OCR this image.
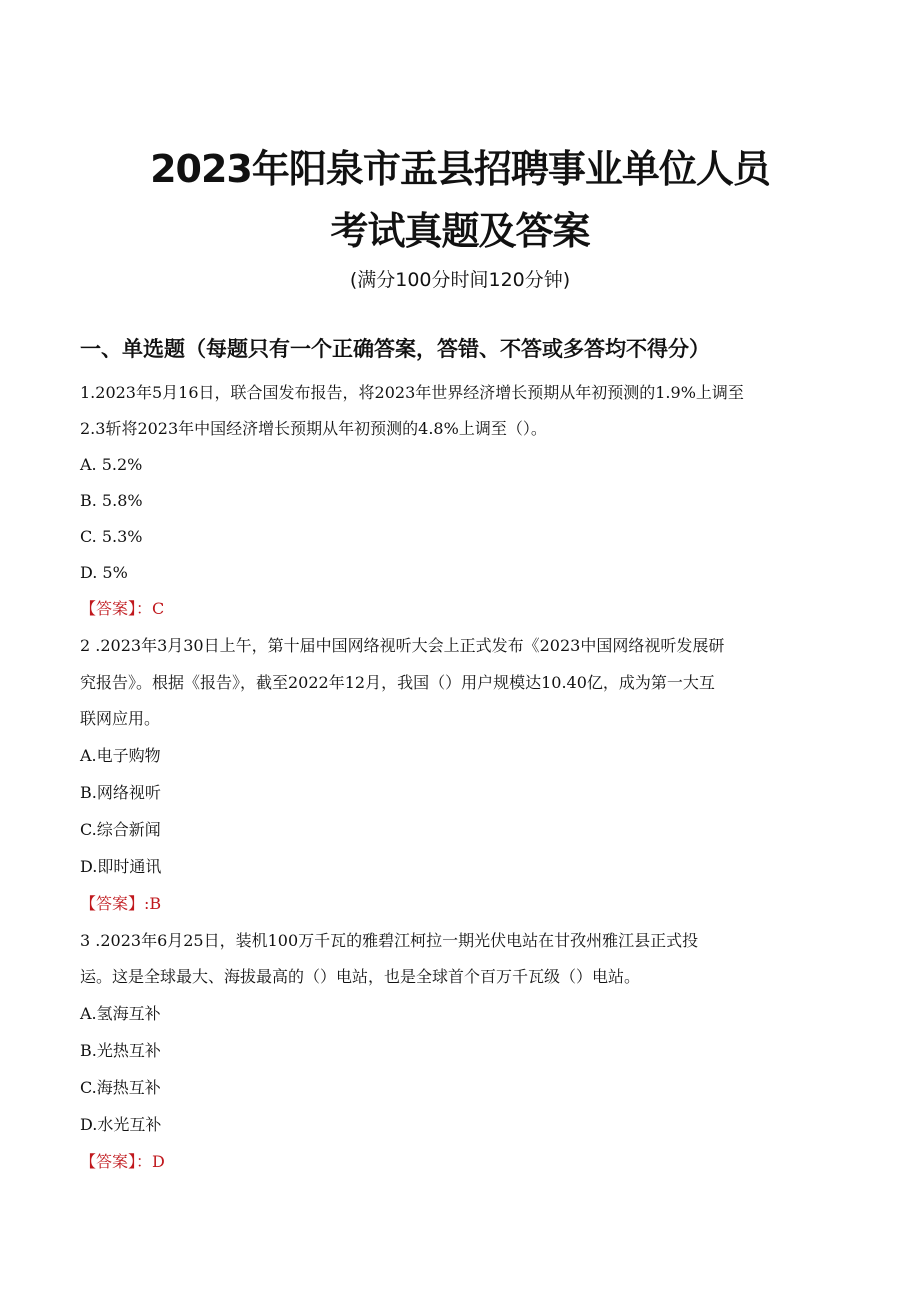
2023年阳泉市盂县招聘事业单位人员
考试真题及答案
(满分100分时间120分钟)
一、单选题（每题只有一个正确答案，答错、不答或多答均不得分）
1.2023年5月16日，联合国发布报告，将2023年世界经济增长预期从年初预测的1.9%上调至
2.3斩将2023年中国经济增长预期从年初预测的4.8%上调至（）。
A. 5.2%
B. 5.8%
C. 5.3%
D. 5%
【答案】：C
2 .2023年3月30日上午，第十届中国网络视听大会上正式发布《2023中国网络视听发展研
究报告》。根据《报告》，截至2022年12月，我国（）用户规模达10.40亿，成为第一大互
联网应用。
A.电子购物
B.网络视听
C.综合新闻
D.即时通讯
【答案】:B
3 .2023年6月25日，装机100万千瓦的雅碧江柯拉一期光伏电站在甘孜州雅江县正式投
运。这是全球最大、海拔最高的（）电站，也是全球首个百万千瓦级（）电站。
A.氢海互补
B.光热互补
C.海热互补
D.水光互补
【答案】：D
